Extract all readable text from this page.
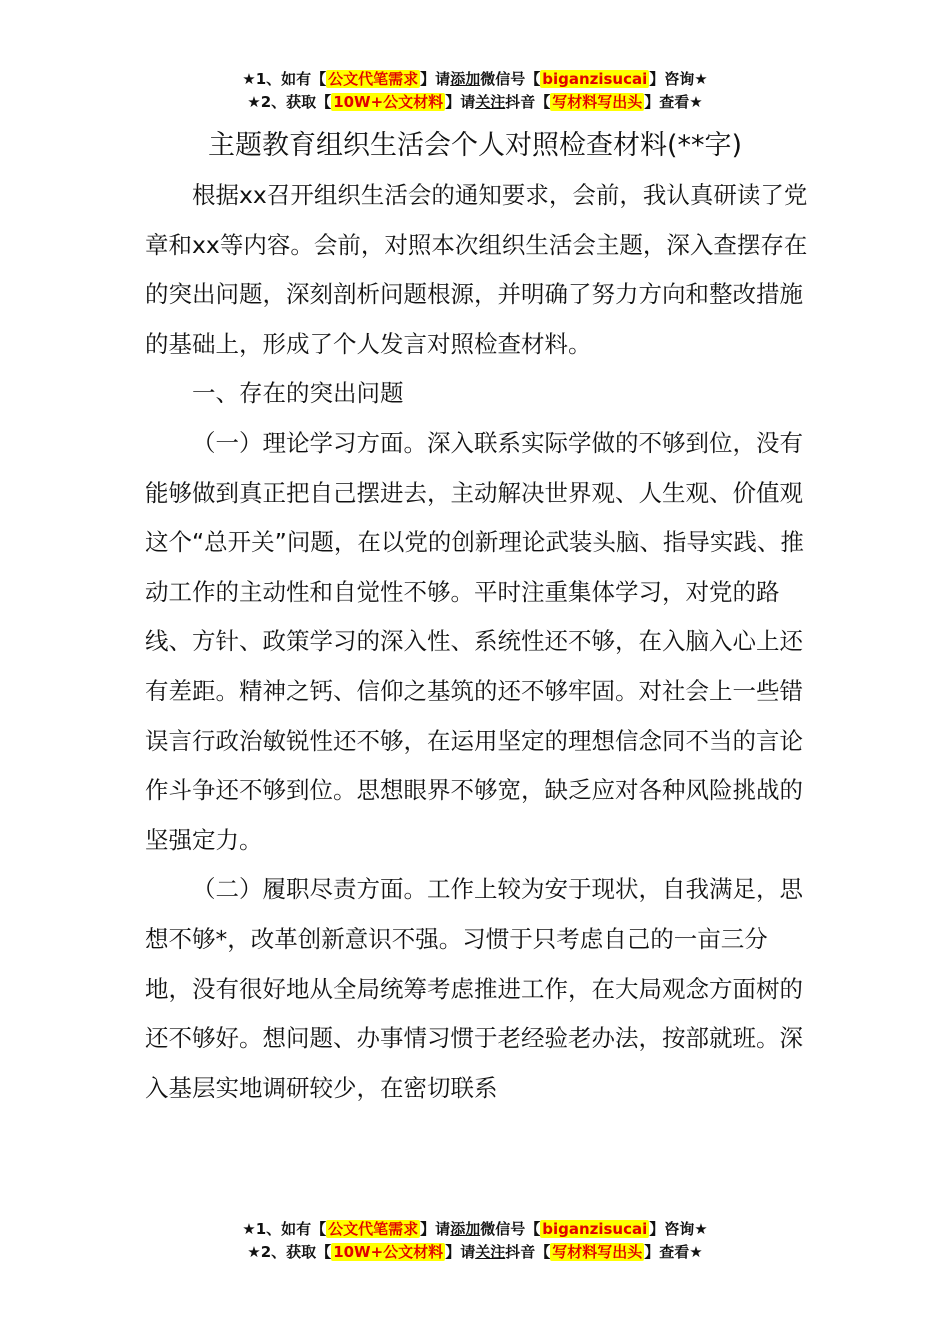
★1、如有【 公文代笔需求 】请添加微信号【 biganzisucai 】咨询★
★2、获取【 10W+公文材料 】请关注抖音【 写材料写出头 】查看★
主题教育组织生活会个人对照检查材料(**字)

根据xx召开组织生活会的通知要求，会前，我认真研读了党章和xx等内容。会前，对照本次组织生活会主题，深入查摆存在的突出问题，深刻剖析问题根源，并明确了努力方向和整改措施的基础上，形成了个人发言对照检查材料。

一、存在的突出问题

（一）理论学习方面。深入联系实际学做的不够到位，没有能够做到真正把自己摆进去，主动解决世界观、人生观、价值观这个“总开关”问题，在以党的创新理论武装头脑、指导实践、推动工作的主动性和自觉性不够。平时注重集体学习，对党的路线、方针、政策学习的深入性、系统性还不够，在入脑入心上还有差距。精神之钙、信仰之基筑的还不够牢固。对社会上一些错误言行政治敏锐性还不够，在运用坚定的理想信念同不当的言论作斗争还不够到位。思想眼界不够宽，缺乏应对各种风险挑战的坚强定力。

（二）履职尽责方面。工作上较为安于现状，自我满足，思想不够*，改革创新意识不强。习惯于只考虑自己的一亩三分地，没有很好地从全局统筹考虑推进工作，在大局观念方面树的还不够好。想问题、办事情习惯于老经验老办法，按部就班。深入基层实地调研较少，在密切联系

★1、如有【 公文代笔需求 】请添加微信号【 biganzisucai 】咨询★
★2、获取【 10W+公文材料 】请关注抖音【 写材料写出头 】查看★
